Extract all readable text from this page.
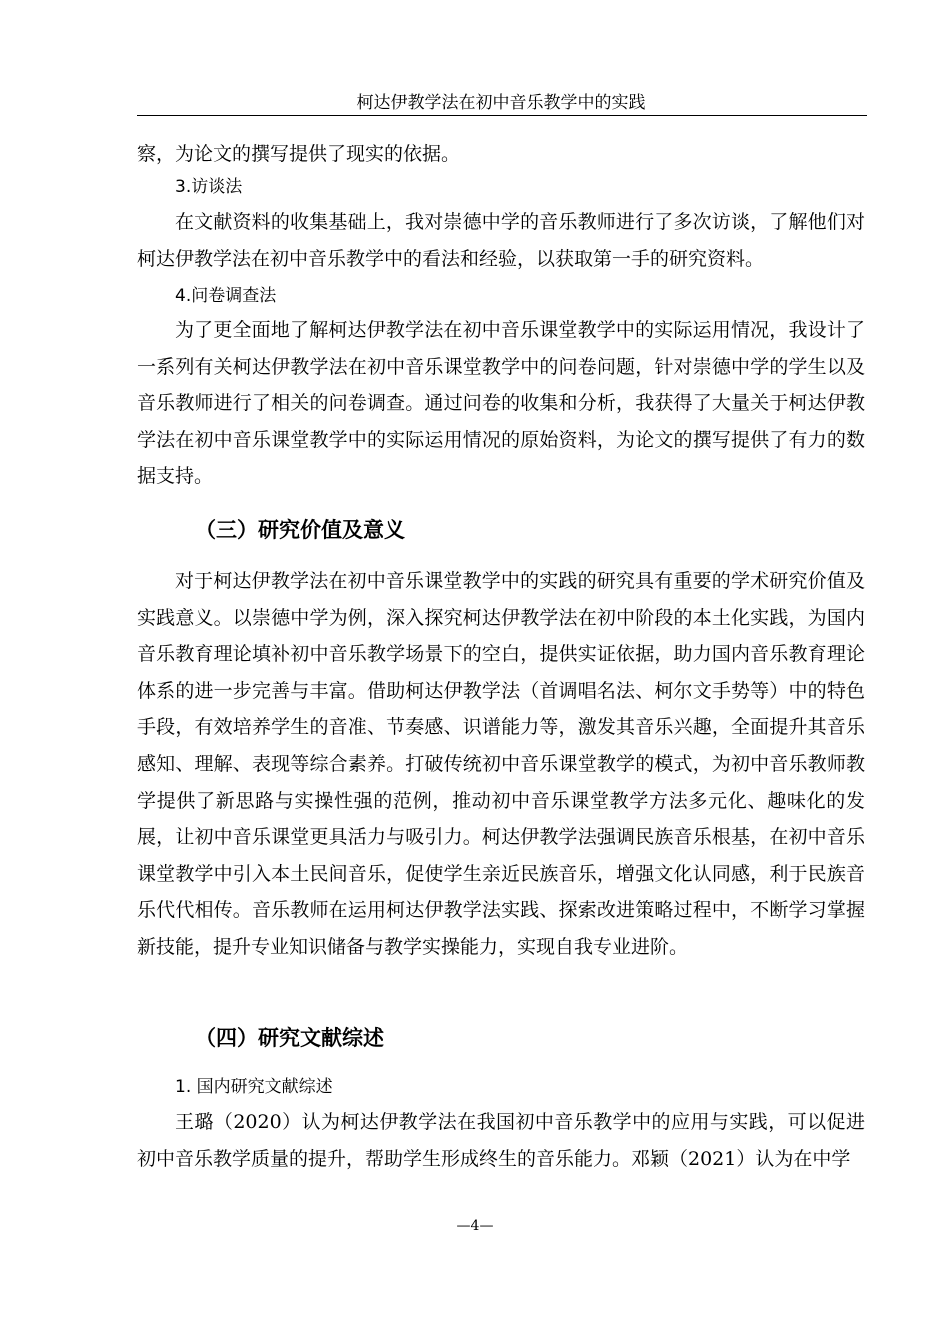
柯达伊教学法在初中音乐教学中的实践

察，为论文的撰写提供了现实的依据。

3.访谈法

在文献资料的收集基础上，我对崇德中学的音乐教师进行了多次访谈，了解他们对柯达伊教学法在初中音乐教学中的看法和经验，以获取第一手的研究资料。

4.问卷调查法

为了更全面地了解柯达伊教学法在初中音乐课堂教学中的实际运用情况，我设计了一系列有关柯达伊教学法在初中音乐课堂教学中的问卷问题，针对崇德中学的学生以及音乐教师进行了相关的问卷调查。通过问卷的收集和分析，我获得了大量关于柯达伊教学法在初中音乐课堂教学中的实际运用情况的原始资料，为论文的撰写提供了有力的数据支持。

（三）研究价值及意义

对于柯达伊教学法在初中音乐课堂教学中的实践的研究具有重要的学术研究价值及实践意义。以崇德中学为例，深入探究柯达伊教学法在初中阶段的本土化实践，为国内音乐教育理论填补初中音乐教学场景下的空白，提供实证依据，助力国内音乐教育理论体系的进一步完善与丰富。借助柯达伊教学法（首调唱名法、柯尔文手势等）中的特色手段，有效培养学生的音准、节奏感、识谱能力等，激发其音乐兴趣，全面提升其音乐感知、理解、表现等综合素养。打破传统初中音乐课堂教学的模式，为初中音乐教师教学提供了新思路与实操性强的范例，推动初中音乐课堂教学方法多元化、趣味化的发展，让初中音乐课堂更具活力与吸引力。柯达伊教学法强调民族音乐根基，在初中音乐课堂教学中引入本土民间音乐，促使学生亲近民族音乐，增强文化认同感，利于民族音乐代代相传。音乐教师在运用柯达伊教学法实践、探索改进策略过程中，不断学习掌握新技能，提升专业知识储备与教学实操能力，实现自我专业进阶。

（四）研究文献综述

1. 国内研究文献综述

王璐（2020）认为柯达伊教学法在我国初中音乐教学中的应用与实践，可以促进初中音乐教学质量的提升，帮助学生形成终生的音乐能力。邓颖（2021）认为在中学

—4—
